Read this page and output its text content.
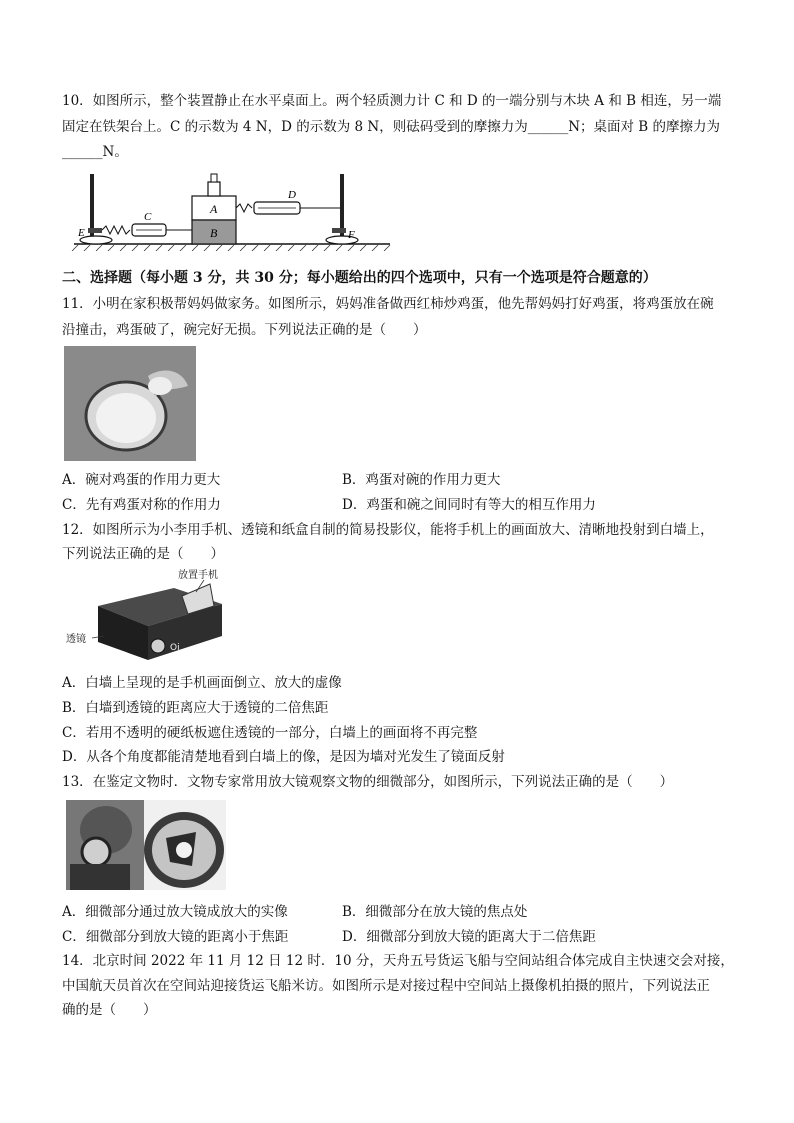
10．如图所示，整个装置静止在水平桌面上。两个轻质测力计 C 和 D 的一端分别与木块 A 和 B 相连，另一端
固定在铁架台上。C 的示数为 4 N，D 的示数为 8 N，则砝码受到的摩擦力为______N；桌面对 B 的摩擦力为
______N。
E
C
A
B
D
F
二、选择题（每小题 3 分，共 30 分；每小题给出的四个选项中，只有一个选项是符合题意的）
11．小明在家积极帮妈妈做家务。如图所示，妈妈准备做西红柿炒鸡蛋，他先帮妈妈打好鸡蛋，将鸡蛋放在碗
沿撞击，鸡蛋破了，碗完好无损。下列说法正确的是（　　）
A．碗对鸡蛋的作用力更大	B．鸡蛋对碗的作用力更大
C．先有鸡蛋对称的作用力	D．鸡蛋和碗之间同时有等大的相互作用力
12．如图所示为小李用手机、透镜和纸盒自制的简易投影仪，能将手机上的画面放大、清晰地投射到白墙上，
下列说法正确的是（　　）
Oi
放置手机
透镜
A．白墙上呈现的是手机画面倒立、放大的虚像
B．白墙到透镜的距离应大于透镜的二倍焦距
C．若用不透明的硬纸板遮住透镜的一部分，白墙上的画面将不再完整
D．从各个角度都能清楚地看到白墙上的像，是因为墙对光发生了镜面反射
13．在鉴定文物时．文物专家常用放大镜观察文物的细微部分，如图所示，下列说法正确的是（　　）
A．细微部分通过放大镜成放大的实像	B．细微部分在放大镜的焦点处
C．细微部分到放大镜的距离小于焦距	D．细微部分到放大镜的距离大于二倍焦距
14．北京时间 2022 年 11 月 12 日 12 时．10 分，天舟五号货运飞船与空间站组合体完成自主快速交会对接，
中国航天员首次在空间站迎接货运飞船米访。如图所示是对接过程中空间站上摄像机拍摄的照片，下列说法正
确的是（　　）
